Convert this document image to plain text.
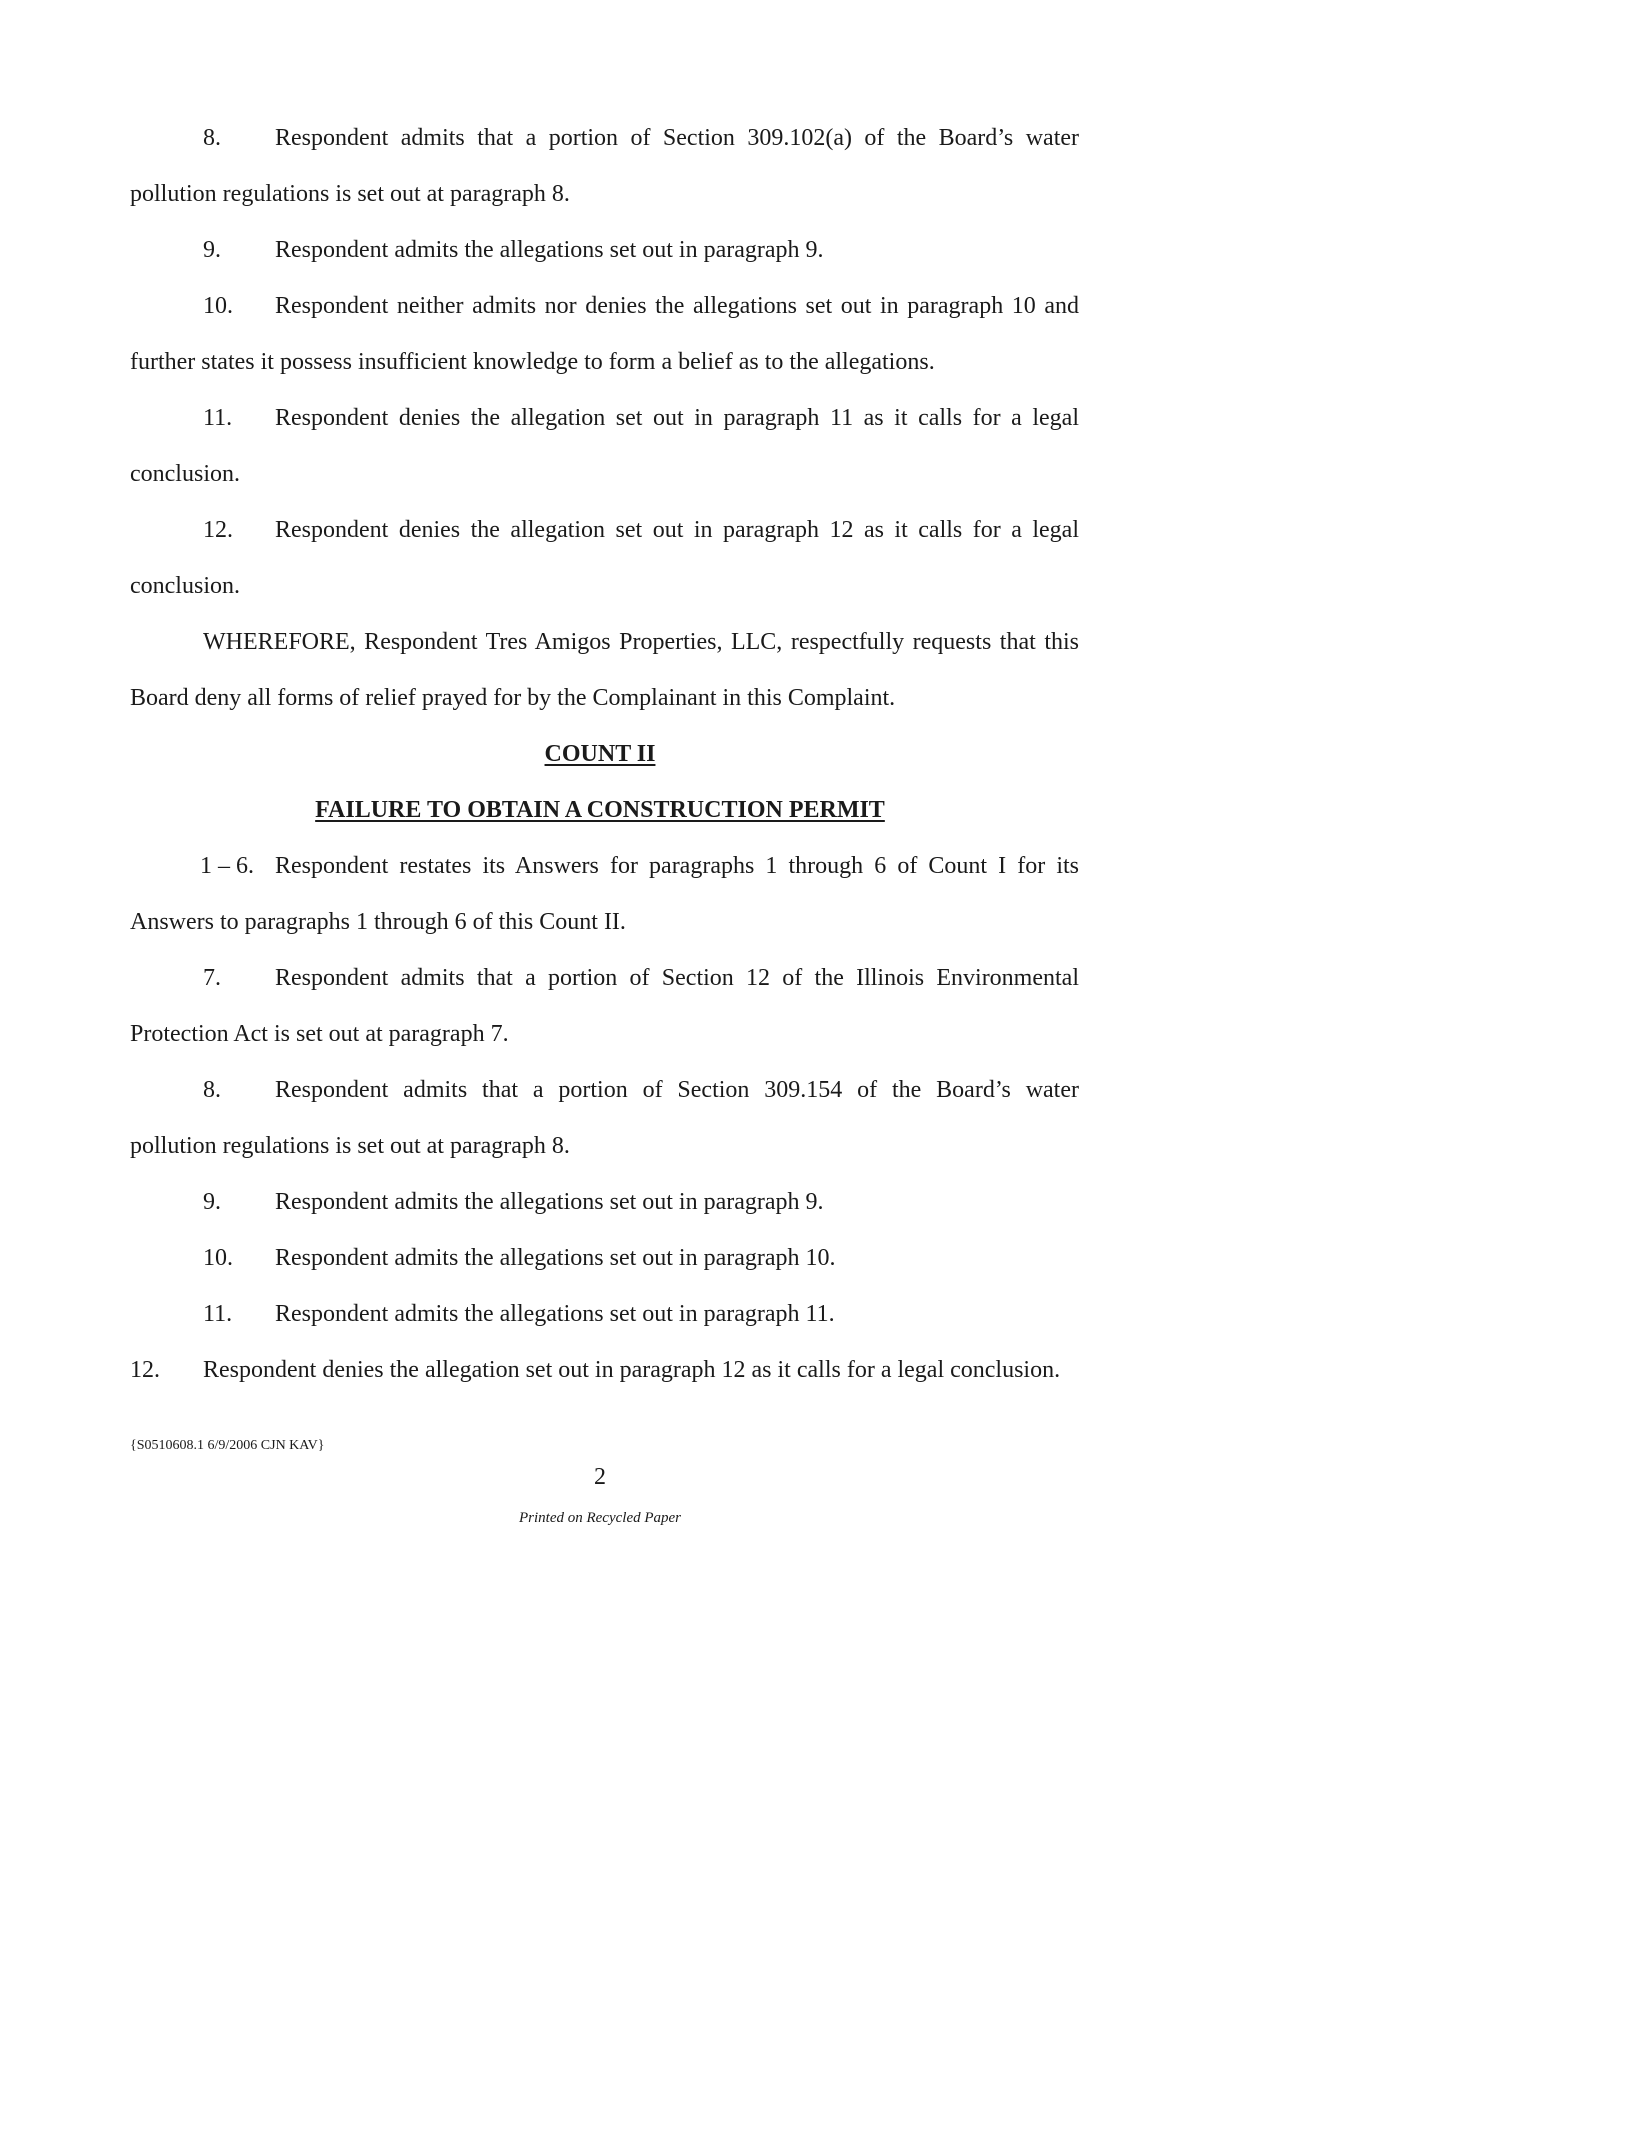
8. Respondent admits that a portion of Section 309.102(a) of the Board’s water
pollution regulations is set out at paragraph 8.
9. Respondent admits the allegations set out in paragraph 9.
10. Respondent neither admits nor denies the allegations set out in paragraph 10 and
further states it possess insufficient knowledge to form a belief as to the allegations.
11. Respondent denies the allegation set out in paragraph 11 as it calls for a legal
conclusion.
12. Respondent denies the allegation set out in paragraph 12 as it calls for a legal
conclusion.
WHEREFORE, Respondent Tres Amigos Properties, LLC, respectfully requests that this
Board deny all forms of relief prayed for by the Complainant in this Complaint.
COUNT II
FAILURE TO OBTAIN A CONSTRUCTION PERMIT
1 – 6. Respondent restates its Answers for paragraphs 1 through 6 of Count I for its
Answers to paragraphs 1 through 6 of this Count II.
7. Respondent admits that a portion of Section 12 of the Illinois Environmental
Protection Act is set out at paragraph 7.
8. Respondent admits that a portion of Section 309.154 of the Board’s water
pollution regulations is set out at paragraph 8.
9. Respondent admits the allegations set out in paragraph 9.
10. Respondent admits the allegations set out in paragraph 10.
11. Respondent admits the allegations set out in paragraph 11.
12. Respondent denies the allegation set out in paragraph 12 as it calls for a legal conclusion.
{S0510608.1 6/9/2006 CJN KAV}
2
Printed on Recycled Paper
